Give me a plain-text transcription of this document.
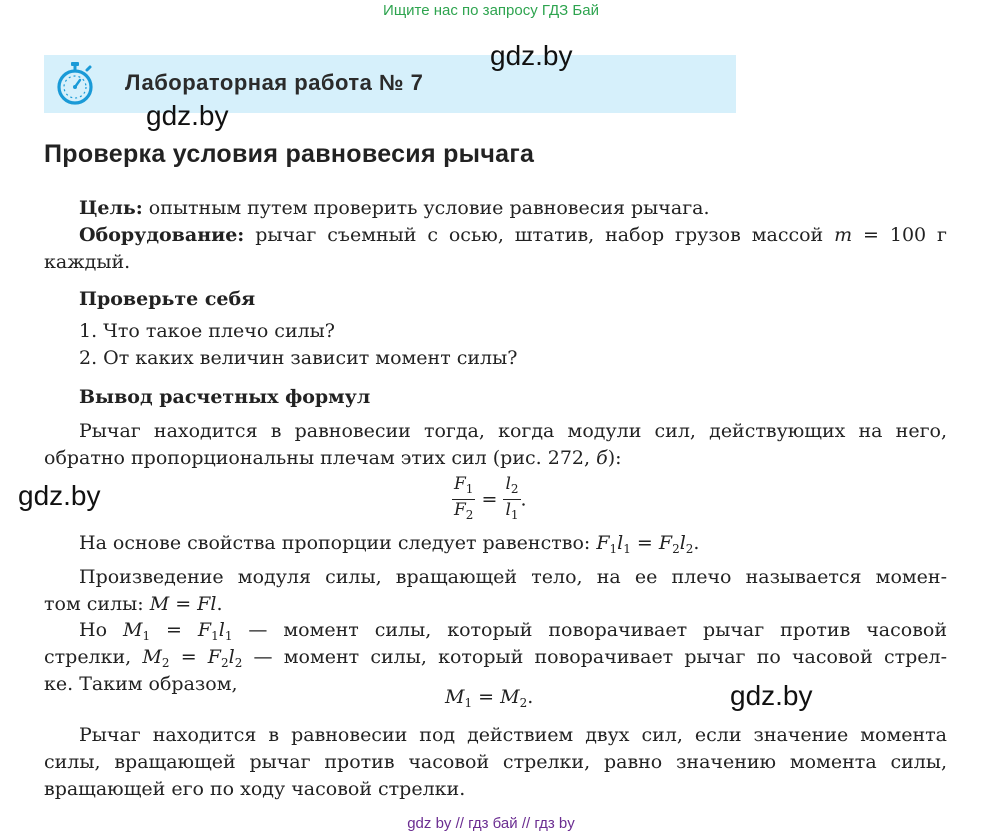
Ищите нас по запросу ГДЗ Бай
Лабораторная работа № 7
gdz.by
gdz.by
gdz.by
gdz.by
Проверка условия равновесия рычага
Цель: опытным путем проверить условие равновесия рычага.
Оборудование: рычаг съемный с осью, штатив, набор грузов массой m = 100 г
каждый.
Проверьте себя
1. Что такое плечо силы?
2. От каких величин зависит момент силы?
Вывод расчетных формул
Рычаг находится в равновесии тогда, когда модули сил, действующих на него,
обратно пропорциональны плечам этих сил (рис. 272, б):
$\frac{F_1}{F_2} = \frac{l_2}{l_1}$ .
На основе свойства пропорции следует равенство: $F_1l_1 = F_2l_2$.
Произведение модуля силы, вращающей тело, на ее плечо называется момен-
том силы: M = Fl.
Но $M_1 = F_1l_1$ — момент силы, который поворачивает рычаг против часовой
стрелки, $M_2 = F_2l_2$ — момент силы, который поворачивает рычаг по часовой стрел-
ке. Таким образом,
$M_1 = M_2$.
Рычаг находится в равновесии под действием двух сил, если значение момента
силы, вращающей рычаг против часовой стрелки, равно значению момента силы,
вращающей его по ходу часовой стрелки.
gdz by // гдз бай // гдз by
